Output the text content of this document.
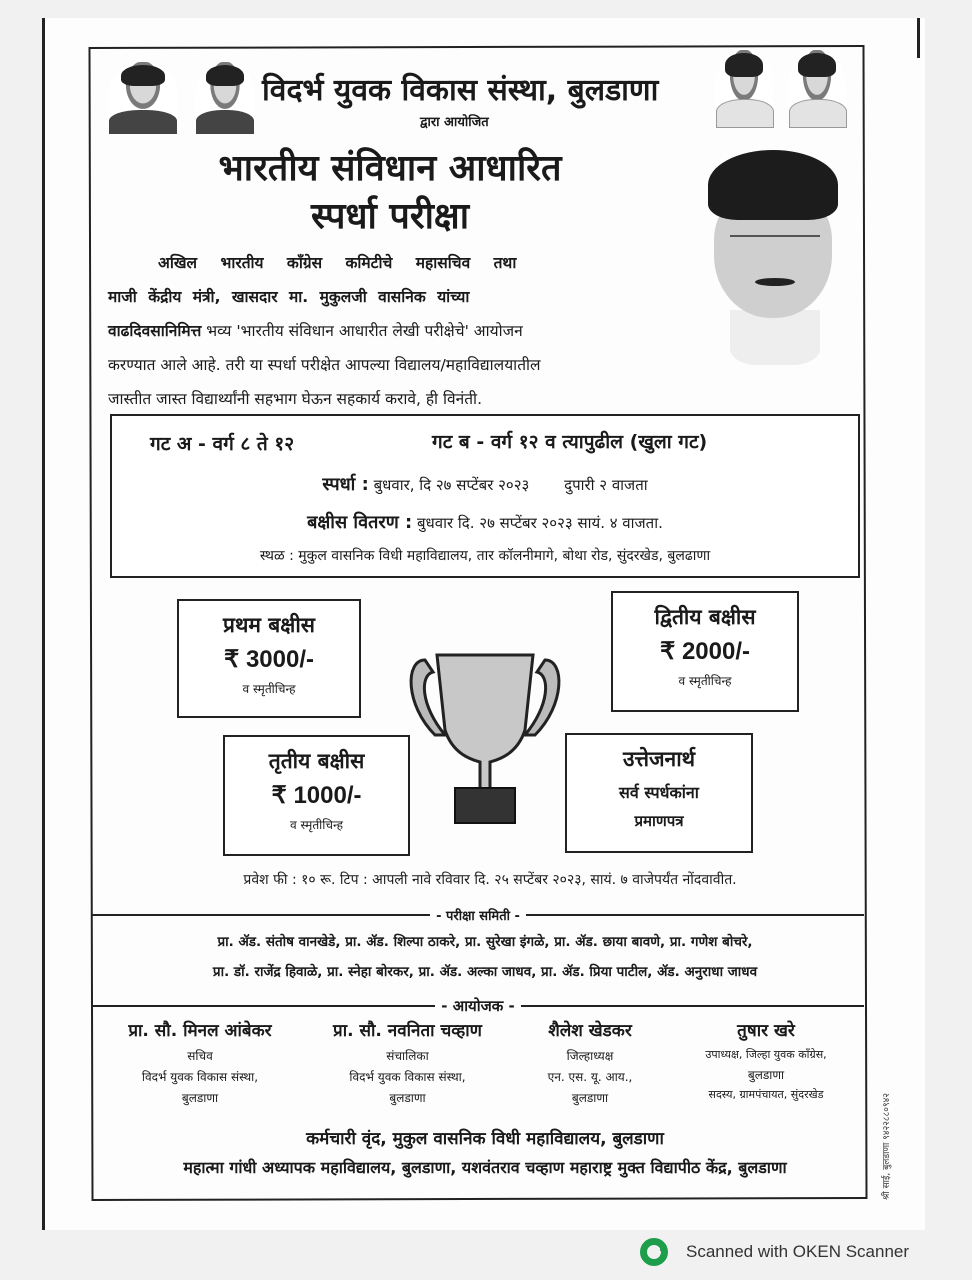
विदर्भ युवक विकास संस्था, बुलडाणा
द्वारा आयोजित
भारतीय संविधान आधारित
स्पर्धा परीक्षा
अखिल भारतीय काँग्रेस कमिटीचे महासचिव तथा
माजी केंद्रीय मंत्री, खासदार मा. मुकुलजी वासनिक यांच्या
वाढदिवसानिमित्त भव्य 'भारतीय संविधान आधारीत लेखी परीक्षेचे' आयोजन
करण्यात आले आहे. तरी या स्पर्धा परीक्षेत आपल्या विद्यालय/महाविद्यालयातील
जास्तीत जास्त विद्यार्थ्यांनी सहभाग घेऊन सहकार्य करावे, ही विनंती.
गट अ - वर्ग ८ ते १२	गट ब - वर्ग १२ व त्यापुढील (खुला गट)
स्पर्धा : बुधवार, दि २७ सप्टेंबर २०२३ दुपारी २ वाजता
बक्षीस वितरण : बुधवार दि. २७ सप्टेंबर २०२३ सायं. ४ वाजता.
स्थळ : मुकुल वासनिक विधी महाविद्यालय, तार कॉलनीमागे, बोथा रोड, सुंदरखेड, बुलढाणा
प्रथम बक्षीस
₹ 3000/-
व स्मृतीचिन्ह
द्वितीय बक्षीस
₹ 2000/-
व स्मृतीचिन्ह
तृतीय बक्षीस
₹ 1000/-
व स्मृतीचिन्ह
उत्तेजनार्थ
सर्व स्पर्धकांना
प्रमाणपत्र
प्रवेश फी : १० रू. टिप : आपली नावे रविवार दि. २५ सप्टेंबर २०२३, सायं. ७ वाजेपर्यंत नोंदवावीत.
- परीक्षा समिती -
प्रा. ॲड. संतोष वानखेडे, प्रा. ॲड. शिल्पा ठाकरे, प्रा. सुरेखा इंगळे, प्रा. ॲड. छाया बावणे, प्रा. गणेश बोचरे,
प्रा. डॉ. राजेंद्र हिवाळे, प्रा. स्नेहा बोरकर, प्रा. ॲड. अल्का जाधव, प्रा. ॲड. प्रिया पाटील, ॲड. अनुराधा जाधव
- आयोजक -
प्रा. सौ. मिनल आंबेकर
सचिव
विदर्भ युवक विकास संस्था,
बुलडाणा
प्रा. सौ. नवनिता चव्हाण
संचालिका
विदर्भ युवक विकास संस्था,
बुलडाणा
शैलेश खेडकर
जिल्हाध्यक्ष
एन. एस. यू. आय.,
बुलडाणा
तुषार खरे
उपाध्यक्ष, जिल्हा युवक काँग्रेस,
बुलडाणा
सदस्य, ग्रामपंचायत, सुंदरखेड
कर्मचारी वृंद, मुकुल वासनिक विधी महाविद्यालय, बुलडाणा
महात्मा गांधी अध्यापक महाविद्यालय, बुलडाणा, यशवंतराव चव्हाण महाराष्ट्र मुक्त विद्यापीठ केंद्र, बुलडाणा	श्री साई, बुलडाणा ९४२२८८०९४२
Scanned with OKEN Scanner
